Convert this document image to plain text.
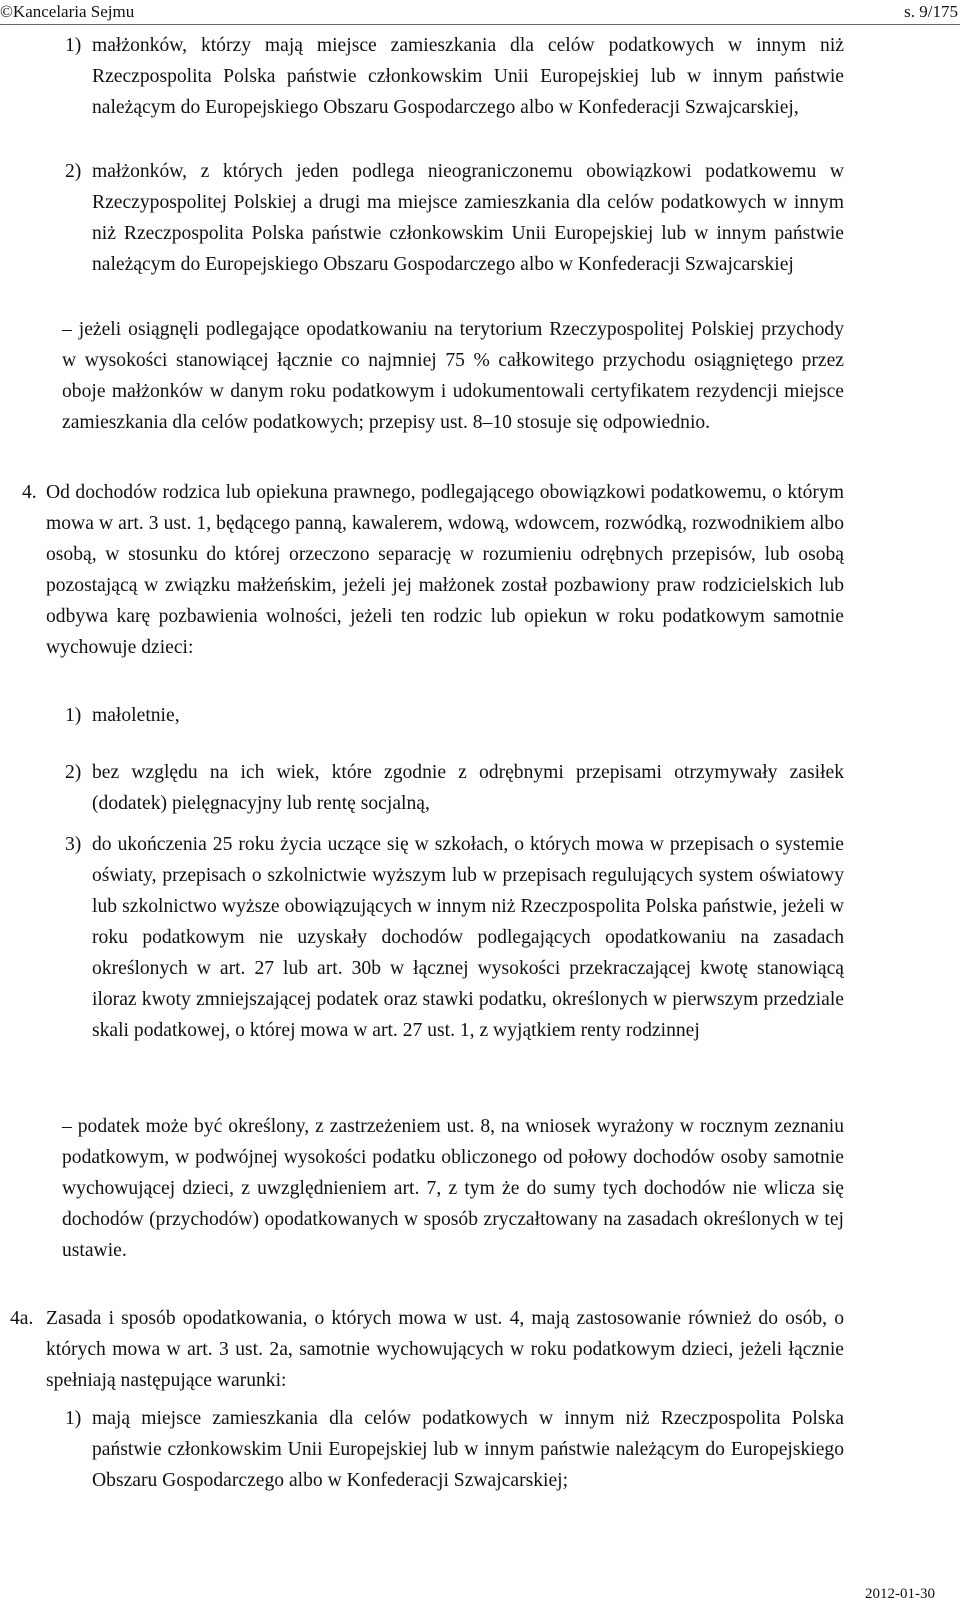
©Kancelaria Sejmu	s. 9/175
1) małżonków, którzy mają miejsce zamieszkania dla celów podatkowych w innym niż Rzeczpospolita Polska państwie członkowskim Unii Europejskiej lub w innym państwie należącym do Europejskiego Obszaru Gospodarczego albo w Konfederacji Szwajcarskiej,
2) małżonków, z których jeden podlega nieograniczonemu obowiązkowi podatkowemu w Rzeczypospolitej Polskiej a drugi ma miejsce zamieszkania dla celów podatkowych w innym niż Rzeczpospolita Polska państwie członkowskim Unii Europejskiej lub w innym państwie należącym do Europejskiego Obszaru Gospodarczego albo w Konfederacji Szwajcarskiej
– jeżeli osiągnęli podlegające opodatkowaniu na terytorium Rzeczypospolitej Polskiej przychody w wysokości stanowiącej łącznie co najmniej 75 % całkowitego przychodu osiągniętego przez oboje małżonków w danym roku podatkowym i udokumentowali certyfikatem rezydencji miejsce zamieszkania dla celów podatkowych; przepisy ust. 8–10 stosuje się odpowiednio.
4. Od dochodów rodzica lub opiekuna prawnego, podlegającego obowiązkowi podatkowemu, o którym mowa w art. 3 ust. 1, będącego panną, kawalerem, wdową, wdowcem, rozwódką, rozwodnikiem albo osobą, w stosunku do której orzeczono separację w rozumieniu odrębnych przepisów, lub osobą pozostającą w związku małżeńskim, jeżeli jej małżonek został pozbawiony praw rodzicielskich lub odbywa karę pozbawienia wolności, jeżeli ten rodzic lub opiekun w roku podatkowym samotnie wychowuje dzieci:
1) małoletnie,
2) bez względu na ich wiek, które zgodnie z odrębnymi przepisami otrzymywały zasiłek (dodatek) pielęgnacyjny lub rentę socjalną,
3) do ukończenia 25 roku życia uczące się w szkołach, o których mowa w przepisach o systemie oświaty, przepisach o szkolnictwie wyższym lub w przepisach regulujących system oświatowy lub szkolnictwo wyższe obowiązujących w innym niż Rzeczpospolita Polska państwie, jeżeli w roku podatkowym nie uzyskały dochodów podlegających opodatkowaniu na zasadach określonych w art. 27 lub art. 30b w łącznej wysokości przekraczającej kwotę stanowiącą iloraz kwoty zmniejszającej podatek oraz stawki podatku, określonych w pierwszym przedziale skali podatkowej, o której mowa w art. 27 ust. 1, z wyjątkiem renty rodzinnej
– podatek może być określony, z zastrzeżeniem ust. 8, na wniosek wyrażony w rocznym zeznaniu podatkowym, w podwójnej wysokości podatku obliczonego od połowy dochodów osoby samotnie wychowującej dzieci, z uwzględnieniem art. 7, z tym że do sumy tych dochodów nie wlicza się dochodów (przychodów) opodatkowanych w sposób zryczałtowany na zasadach określonych w tej ustawie.
4a. Zasada i sposób opodatkowania, o których mowa w ust. 4, mają zastosowanie również do osób, o których mowa w art. 3 ust. 2a, samotnie wychowujących w roku podatkowym dzieci, jeżeli łącznie spełniają następujące warunki:
1) mają miejsce zamieszkania dla celów podatkowych w innym niż Rzeczpospolita Polska państwie członkowskim Unii Europejskiej lub w innym państwie należącym do Europejskiego Obszaru Gospodarczego albo w Konfederacji Szwajcarskiej;
2012-01-30
